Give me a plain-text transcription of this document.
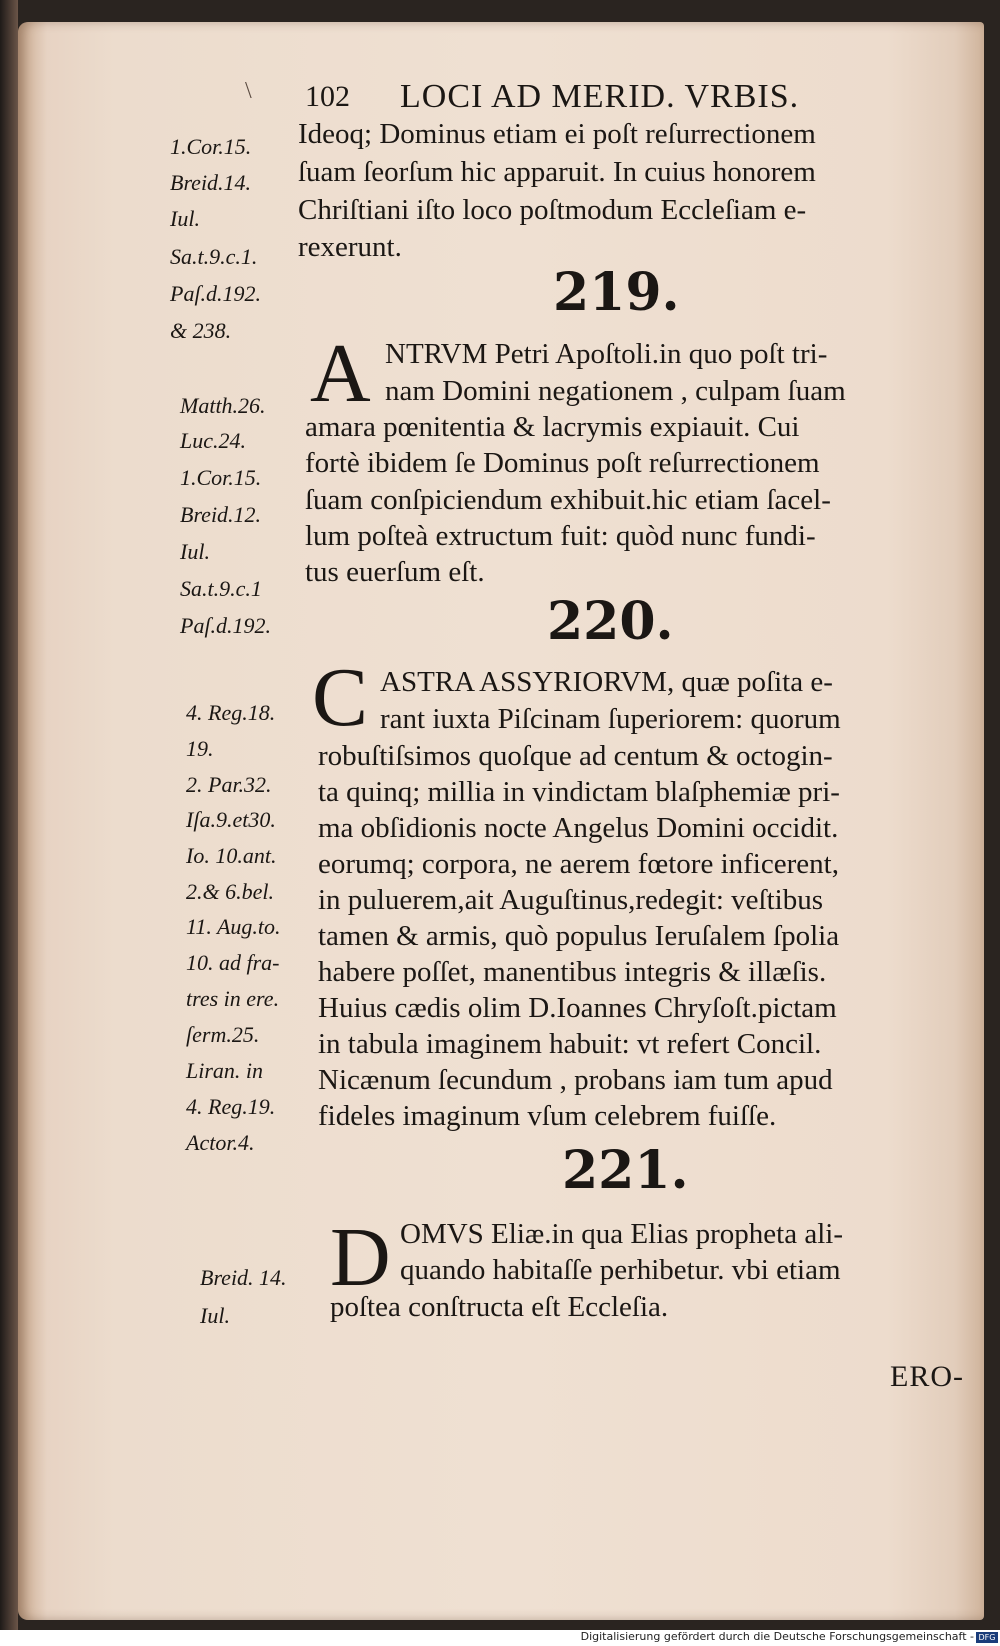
\ 102 LOCI AD MERID. VRBIS.
1.Cor.15.
Breid.14.
Iul.
Sa.t.9.c.1.
Paſ.d.192.
& 238.
Ideoq; Dominus etiam ei poſt reſurrectionem
ſuam ſeorſum hic apparuit. In cuius honorem
Chriſtiani iſto loco poſtmodum Eccleſiam e-
rexerunt.
219.
A
Matth.26.
Luc.24.
1.Cor.15.
Breid.12.
Iul.
Sa.t.9.c.1
Paſ.d.192.
NTRVM Petri Apoſtoli.in quo poſt tri-
nam Domini negationem , culpam ſuam
amara pœnitentia & lacrymis expiauit. Cui
fortè ibidem ſe Dominus poſt reſurrectionem
ſuam conſpiciendum exhibuit.hic etiam ſacel-
lum poſteà extructum fuit: quòd nunc fundi-
tus euerſum eſt.
220.
C
4. Reg.18.
19.
2. Par.32.
Iſa.9.et30.
Io. 10.ant.
2.& 6.bel.
11. Aug.to.
10. ad fra-
tres in ere.
ſerm.25.
Liran. in
4. Reg.19.
Actor.4.
ASTRA ASSYRIORVM, quæ poſita e-
rant iuxta Piſcinam ſuperiorem: quorum
robuſtiſsimos quoſque ad centum & octogin-
ta quinq; millia in vindictam blaſphemiæ pri-
ma obſidionis nocte Angelus Domini occidit.
eorumq; corpora, ne aerem fœtore inficerent,
in puluerem,ait Auguſtinus,redegit: veſtibus
tamen & armis, quò populus Ieruſalem ſpolia
habere poſſet, manentibus integris & illæſis.
Huius cædis olim D.Ioannes Chryſoſt.pictam
in tabula imaginem habuit: vt refert Concil.
Nicænum ſecundum , probans iam tum apud
fideles imaginum vſum celebrem fuiſſe.
221.
D
Breid. 14.
Iul.
OMVS Eliæ.in qua Elias propheta ali-
quando habitaſſe perhibetur. vbi etiam
poſtea conſtructa eſt Eccleſia.
ERO-
Digitalisierung gefördert durch die Deutsche Forschungsgemeinschaft - DFG
